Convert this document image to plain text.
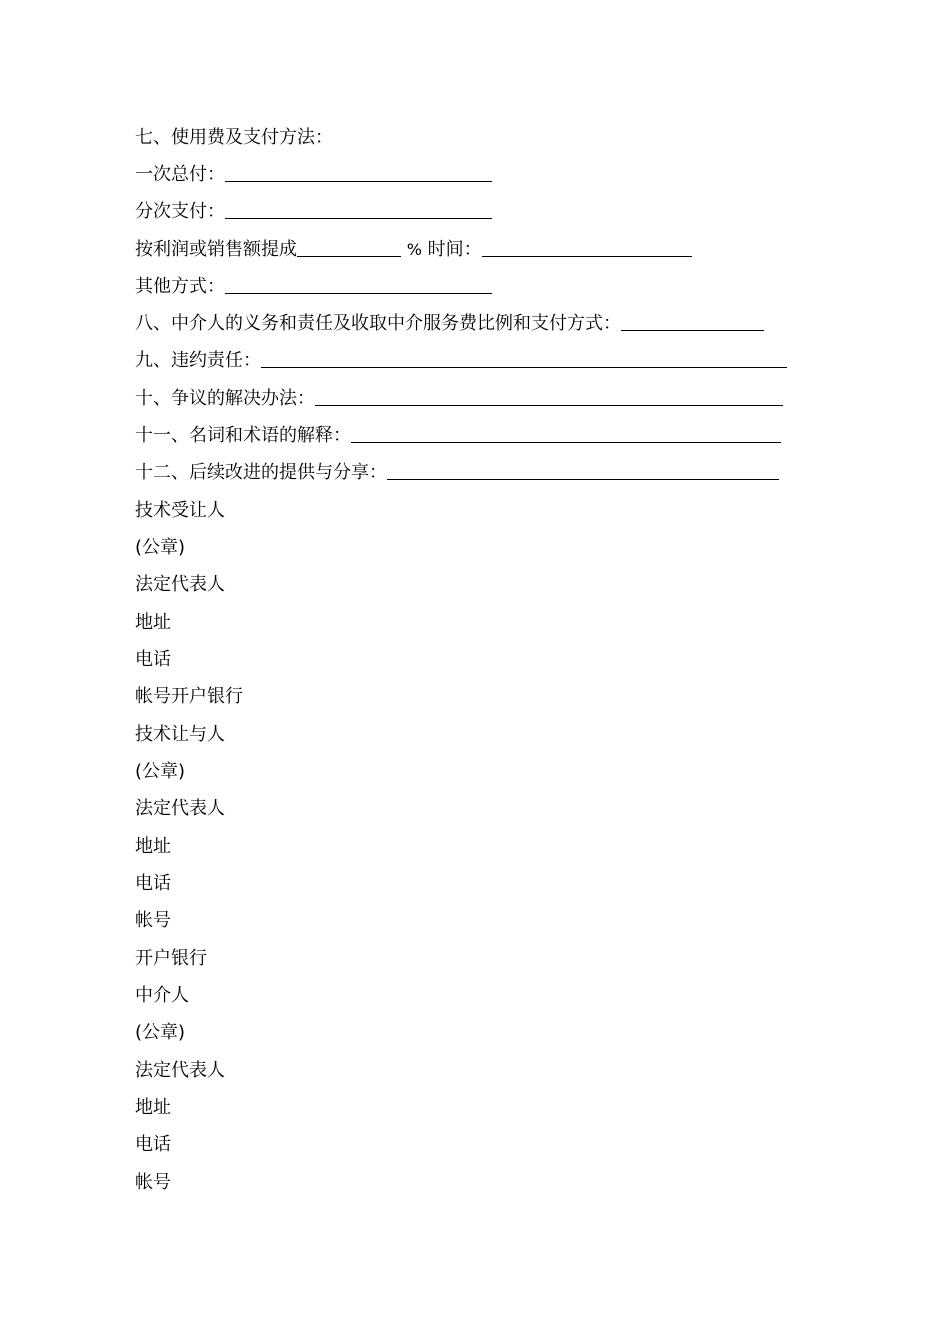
七、使用费及支付方法：
一次总付：
分次支付：
按利润或销售额提成	% 时间：
其他方式：
八、中介人的义务和责任及收取中介服务费比例和支付方式：
九、违约责任：
十、争议的解决办法：
十一、名词和术语的解释：
十二、后续改进的提供与分享：
技术受让人
(公章)
法定代表人
地址
电话
帐号开户银行
技术让与人
(公章)
法定代表人
地址
电话
帐号
开户银行
中介人
(公章)
法定代表人
地址
电话
帐号
